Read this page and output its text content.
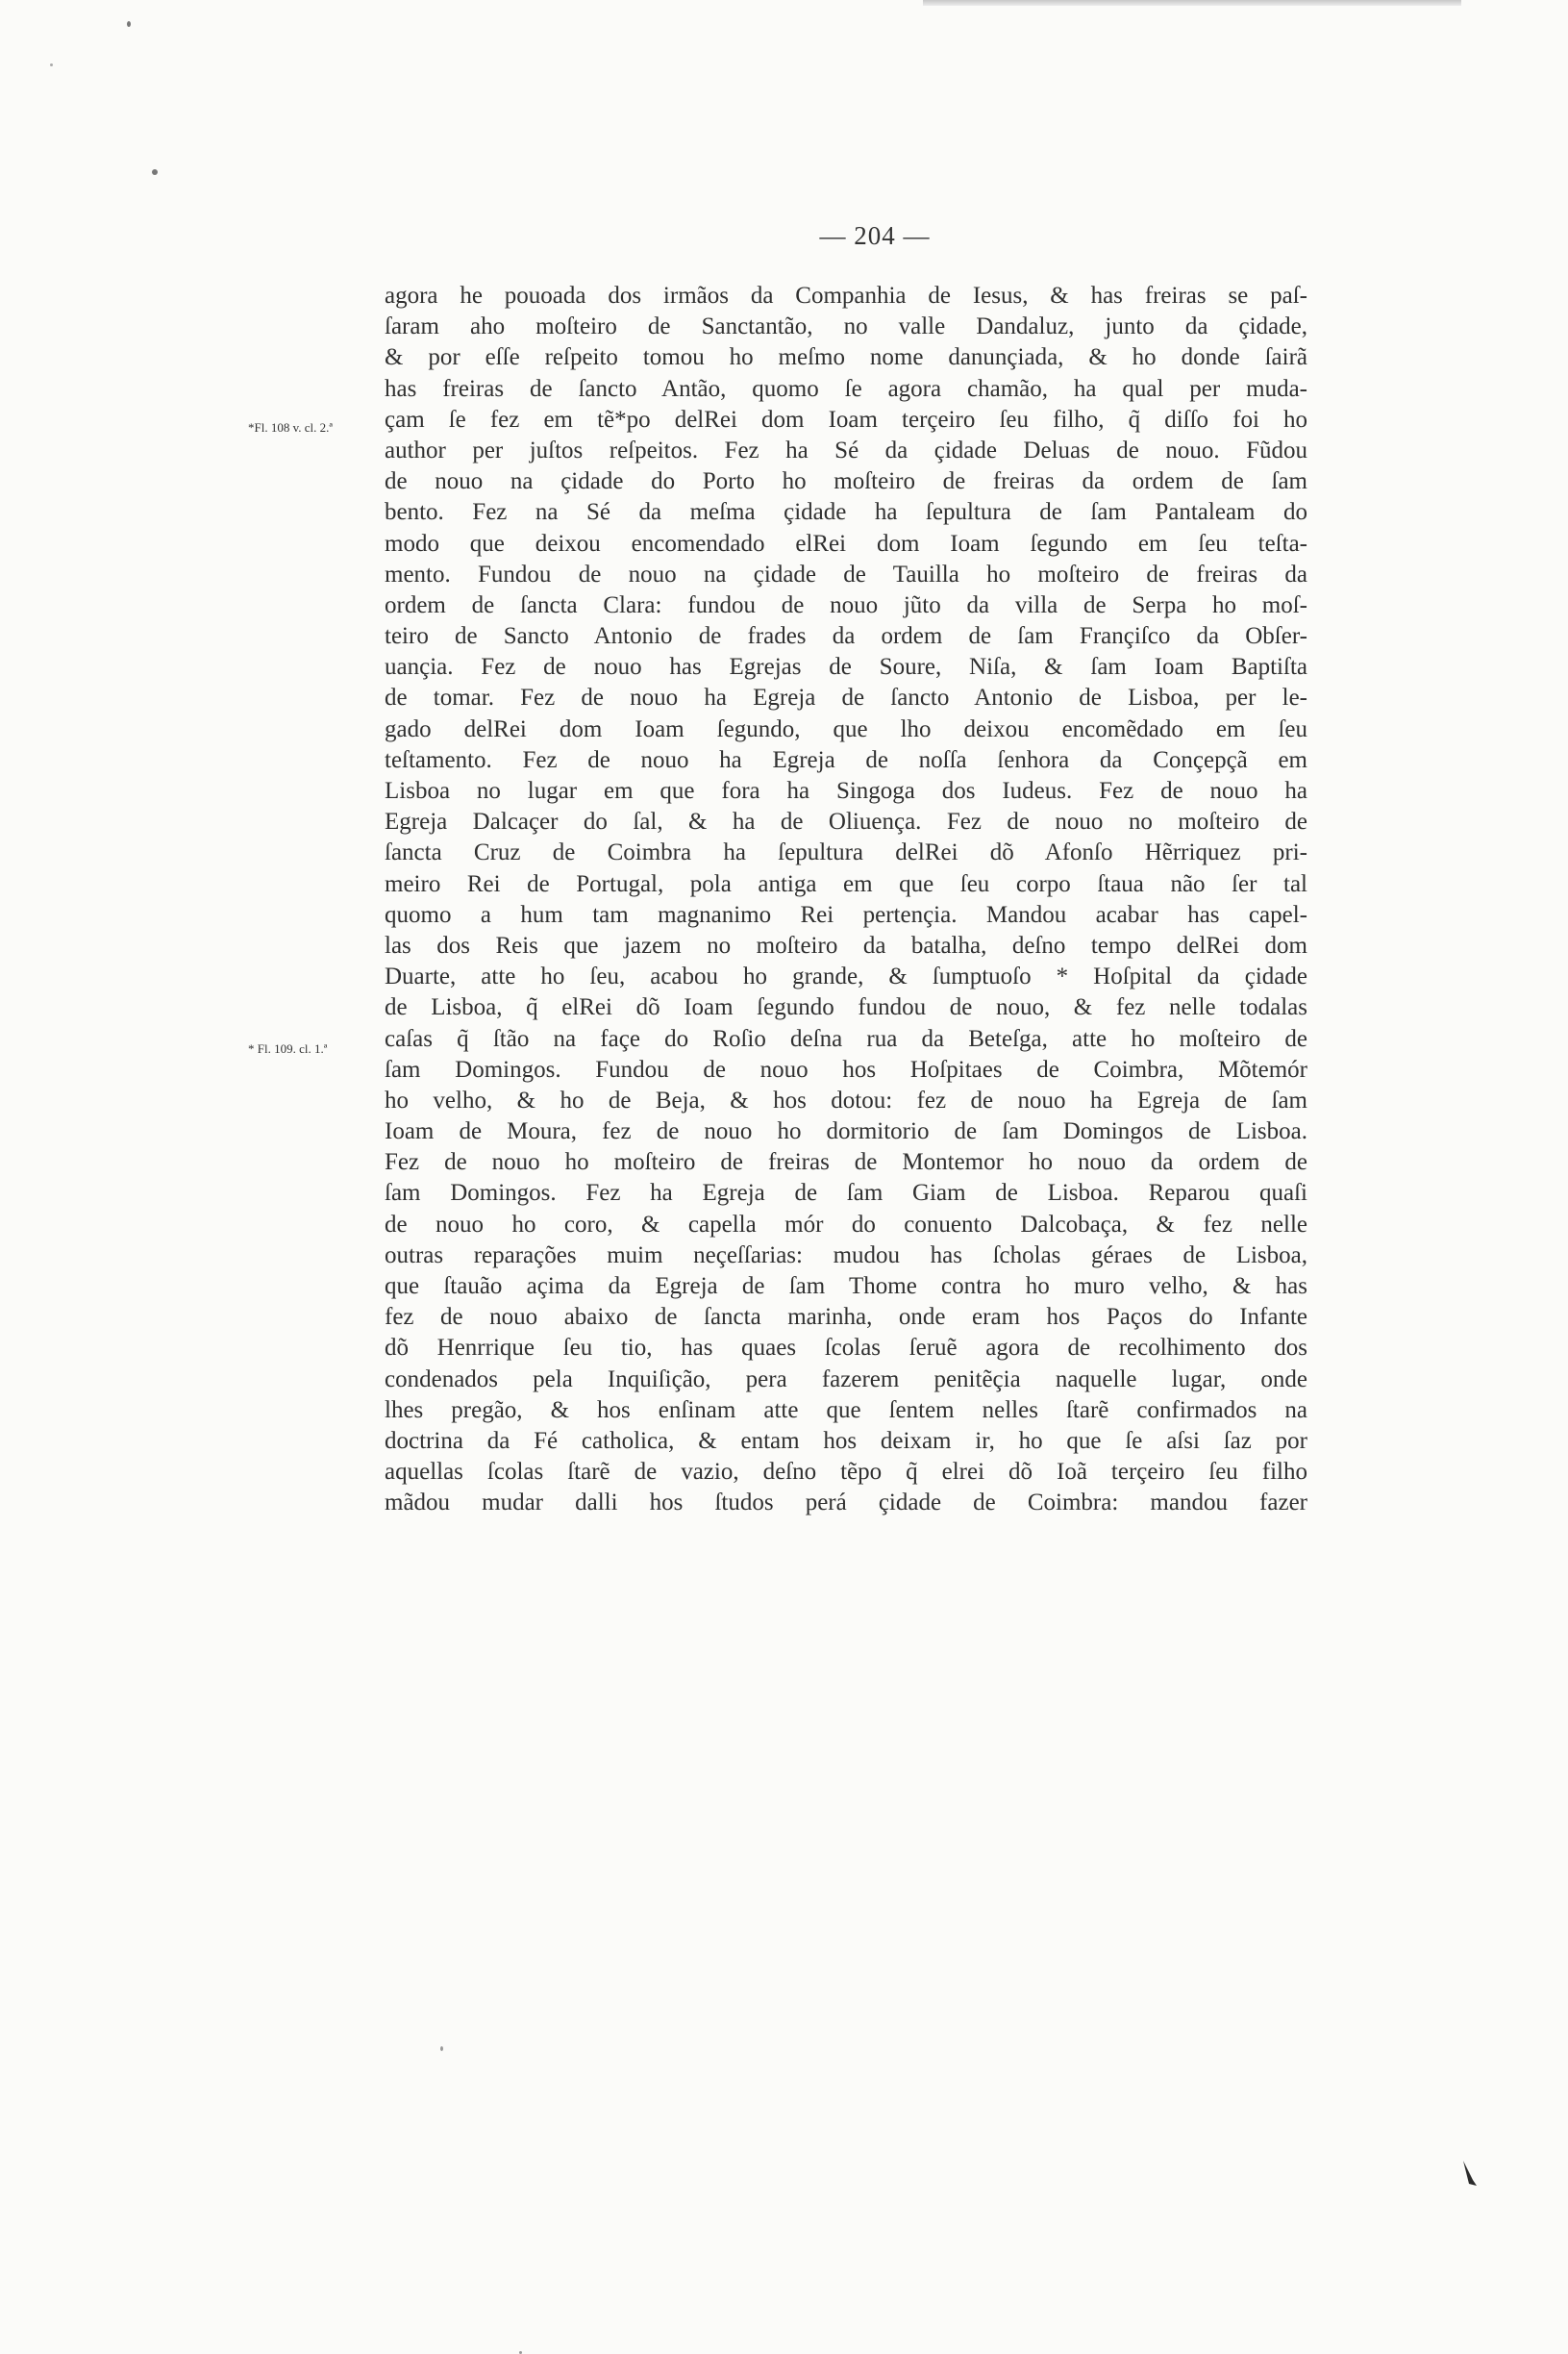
— 204 —
*Fl. 108 v. cl. 2.ª
* Fl. 109. cl. 1.ª
agora he pouoada dos irmãos da Companhia de Iesus, & has freiras se paſ-
ſaram aho moſteiro de Sanctantão, no valle Dandaluz, junto da çidade,
& por eſſe reſpeito tomou ho meſmo nome danunçiada, & ho donde ſairã
has freiras de ſancto Antão, quomo ſe agora chamão, ha qual per muda-
çam ſe fez em tẽ*po delRei dom Ioam terçeiro ſeu filho, q̃ diſſo foi ho
author per juſtos reſpeitos. Fez ha Sé da çidade Deluas de nouo. Fũdou
de nouo na çidade do Porto ho moſteiro de freiras da ordem de ſam
bento. Fez na Sé da meſma çidade ha ſepultura de ſam Pantaleam do
modo que deixou encomendado elRei dom Ioam ſegundo em ſeu teſta-
mento. Fundou de nouo na çidade de Tauilla ho moſteiro de freiras da
ordem de ſancta Clara: fundou de nouo jũto da villa de Serpa ho moſ-
teiro de Sancto Antonio de frades da ordem de ſam Françiſco da Obſer-
uançia. Fez de nouo has Egrejas de Soure, Niſa, & ſam Ioam Baptiſta
de tomar. Fez de nouo ha Egreja de ſancto Antonio de Lisboa, per le-
gado delRei dom Ioam ſegundo, que lho deixou encomẽdado em ſeu
teſtamento. Fez de nouo ha Egreja de noſſa ſenhora da Conçepçã em
Lisboa no lugar em que fora ha Singoga dos Iudeus. Fez de nouo ha
Egreja Dalcaçer do ſal, & ha de Oliuença. Fez de nouo no moſteiro de
ſancta Cruz de Coimbra ha ſepultura delRei dõ Afonſo Hẽrriquez pri-
meiro Rei de Portugal, pola antiga em que ſeu corpo ſtaua não ſer tal
quomo a hum tam magnanimo Rei pertençia. Mandou acabar has capel-
las dos Reis que jazem no moſteiro da batalha, deſno tempo delRei dom
Duarte, atte ho ſeu, acabou ho grande, & ſumptuoſo * Hoſpital da çidade
de Lisboa, q̃ elRei dõ Ioam ſegundo fundou de nouo, & fez nelle todalas
caſas q̃ ſtão na façe do Roſio deſna rua da Beteſga, atte ho moſteiro de
ſam Domingos. Fundou de nouo hos Hoſpitaes de Coimbra, Mõtemór
ho velho, & ho de Beja, & hos dotou: fez de nouo ha Egreja de ſam
Ioam de Moura, fez de nouo ho dormitorio de ſam Domingos de Lisboa.
Fez de nouo ho moſteiro de freiras de Montemor ho nouo da ordem de
ſam Domingos. Fez ha Egreja de ſam Giam de Lisboa. Reparou quaſi
de nouo ho coro, & capella mór do conuento Dalcobaça, & fez nelle
outras reparações muim neçeſſarias: mudou has ſcholas géraes de Lisboa,
que ſtauão açima da Egreja de ſam Thome contra ho muro velho, & has
fez de nouo abaixo de ſancta marinha, onde eram hos Paços do Infante
dõ Henrrique ſeu tio, has quaes ſcolas ſeruẽ agora de recolhimento dos
condenados pela Inquiſição, pera fazerem penitẽçia naquelle lugar, onde
lhes pregão, & hos enſinam atte que ſentem nelles ſtarẽ confirmados na
doctrina da Fé catholica, & entam hos deixam ir, ho que ſe aſsi ſaz por
aquellas ſcolas ſtarẽ de vazio, deſno tẽpo q̃ elrei dõ Ioã terçeiro ſeu filho
mãdou mudar dalli hos ſtudos perá çidade de Coimbra: mandou fazer
